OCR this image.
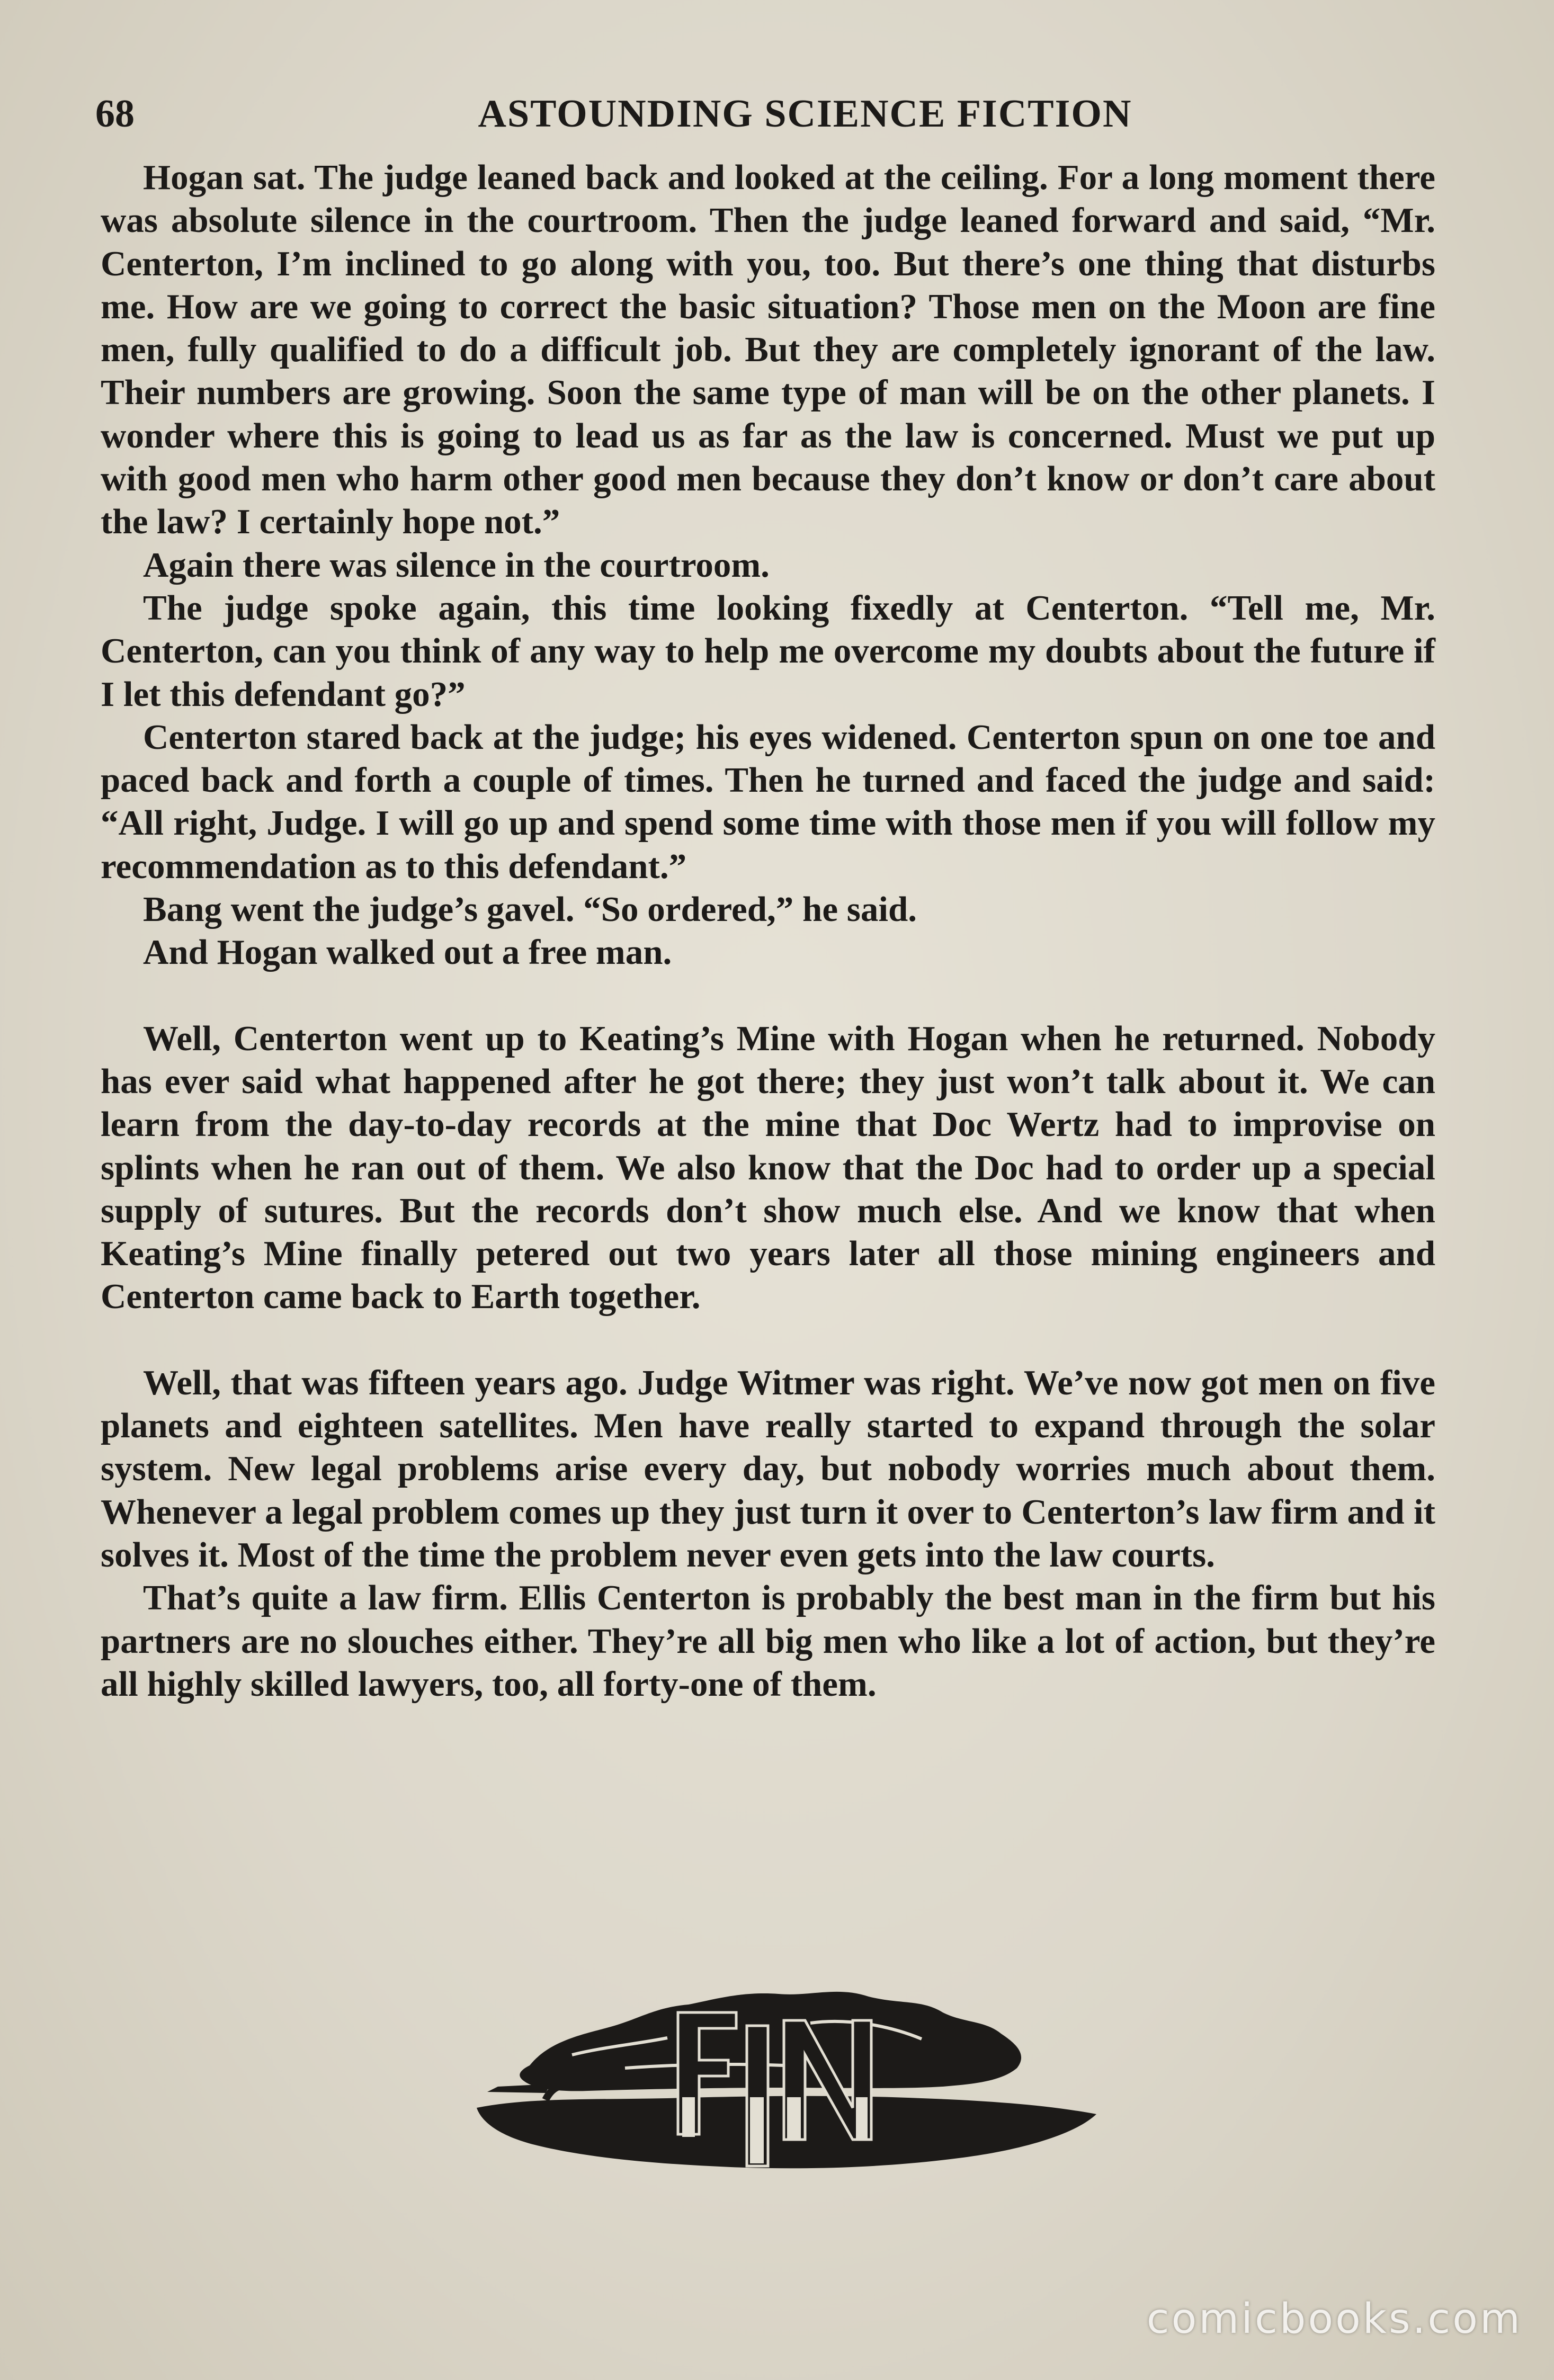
68	ASTOUNDING SCIENCE FICTION

Hogan sat. The judge leaned back and looked at the ceiling. For a long moment there was absolute silence in the courtroom. Then the judge leaned forward and said, “Mr. Centerton, I’m inclined to go along with you, too. But there’s one thing that disturbs me. How are we going to correct the basic situation? Those men on the Moon are fine men, fully qualified to do a difficult job. But they are completely ignorant of the law. Their numbers are growing. Soon the same type of man will be on the other planets. I wonder where this is going to lead us as far as the law is concerned. Must we put up with good men who harm other good men because they don’t know or don’t care about the law? I certainly hope not.”

Again there was silence in the courtroom.

The judge spoke again, this time looking fixedly at Centerton. “Tell me, Mr. Centerton, can you think of any way to help me overcome my doubts about the future if I let this defendant go?”

Centerton stared back at the judge; his eyes widened. Centerton spun on one toe and paced back and forth a couple of times. Then he turned and faced the judge and said: “All right, Judge. I will go up and spend some time with those men if you will follow my recommendation as to this defendant.”

Bang went the judge’s gavel. “So ordered,” he said.

And Hogan walked out a free man.

Well, Centerton went up to Keating’s Mine with Hogan when he returned. Nobody has ever said what happened after he got there; they just won’t talk about it. We can learn from the day-to-day records at the mine that Doc Wertz had to improvise on splints when he ran out of them. We also know that the Doc had to order up a special supply of sutures. But the records don’t show much else. And we know that when Keating’s Mine finally petered out two years later all those mining engineers and Centerton came back to Earth together.

Well, that was fifteen years ago. Judge Witmer was right. We’ve now got men on five planets and eighteen satellites. Men have really started to expand through the solar system. New legal problems arise every day, but nobody worries much about them. Whenever a legal problem comes up they just turn it over to Centerton’s law firm and it solves it. Most of the time the problem never even gets into the law courts.

That’s quite a law firm. Ellis Centerton is probably the best man in the firm but his partners are no slouches either. They’re all big men who like a lot of action, but they’re all highly skilled lawyers, too, all forty-one of them.

comicbooks.com
